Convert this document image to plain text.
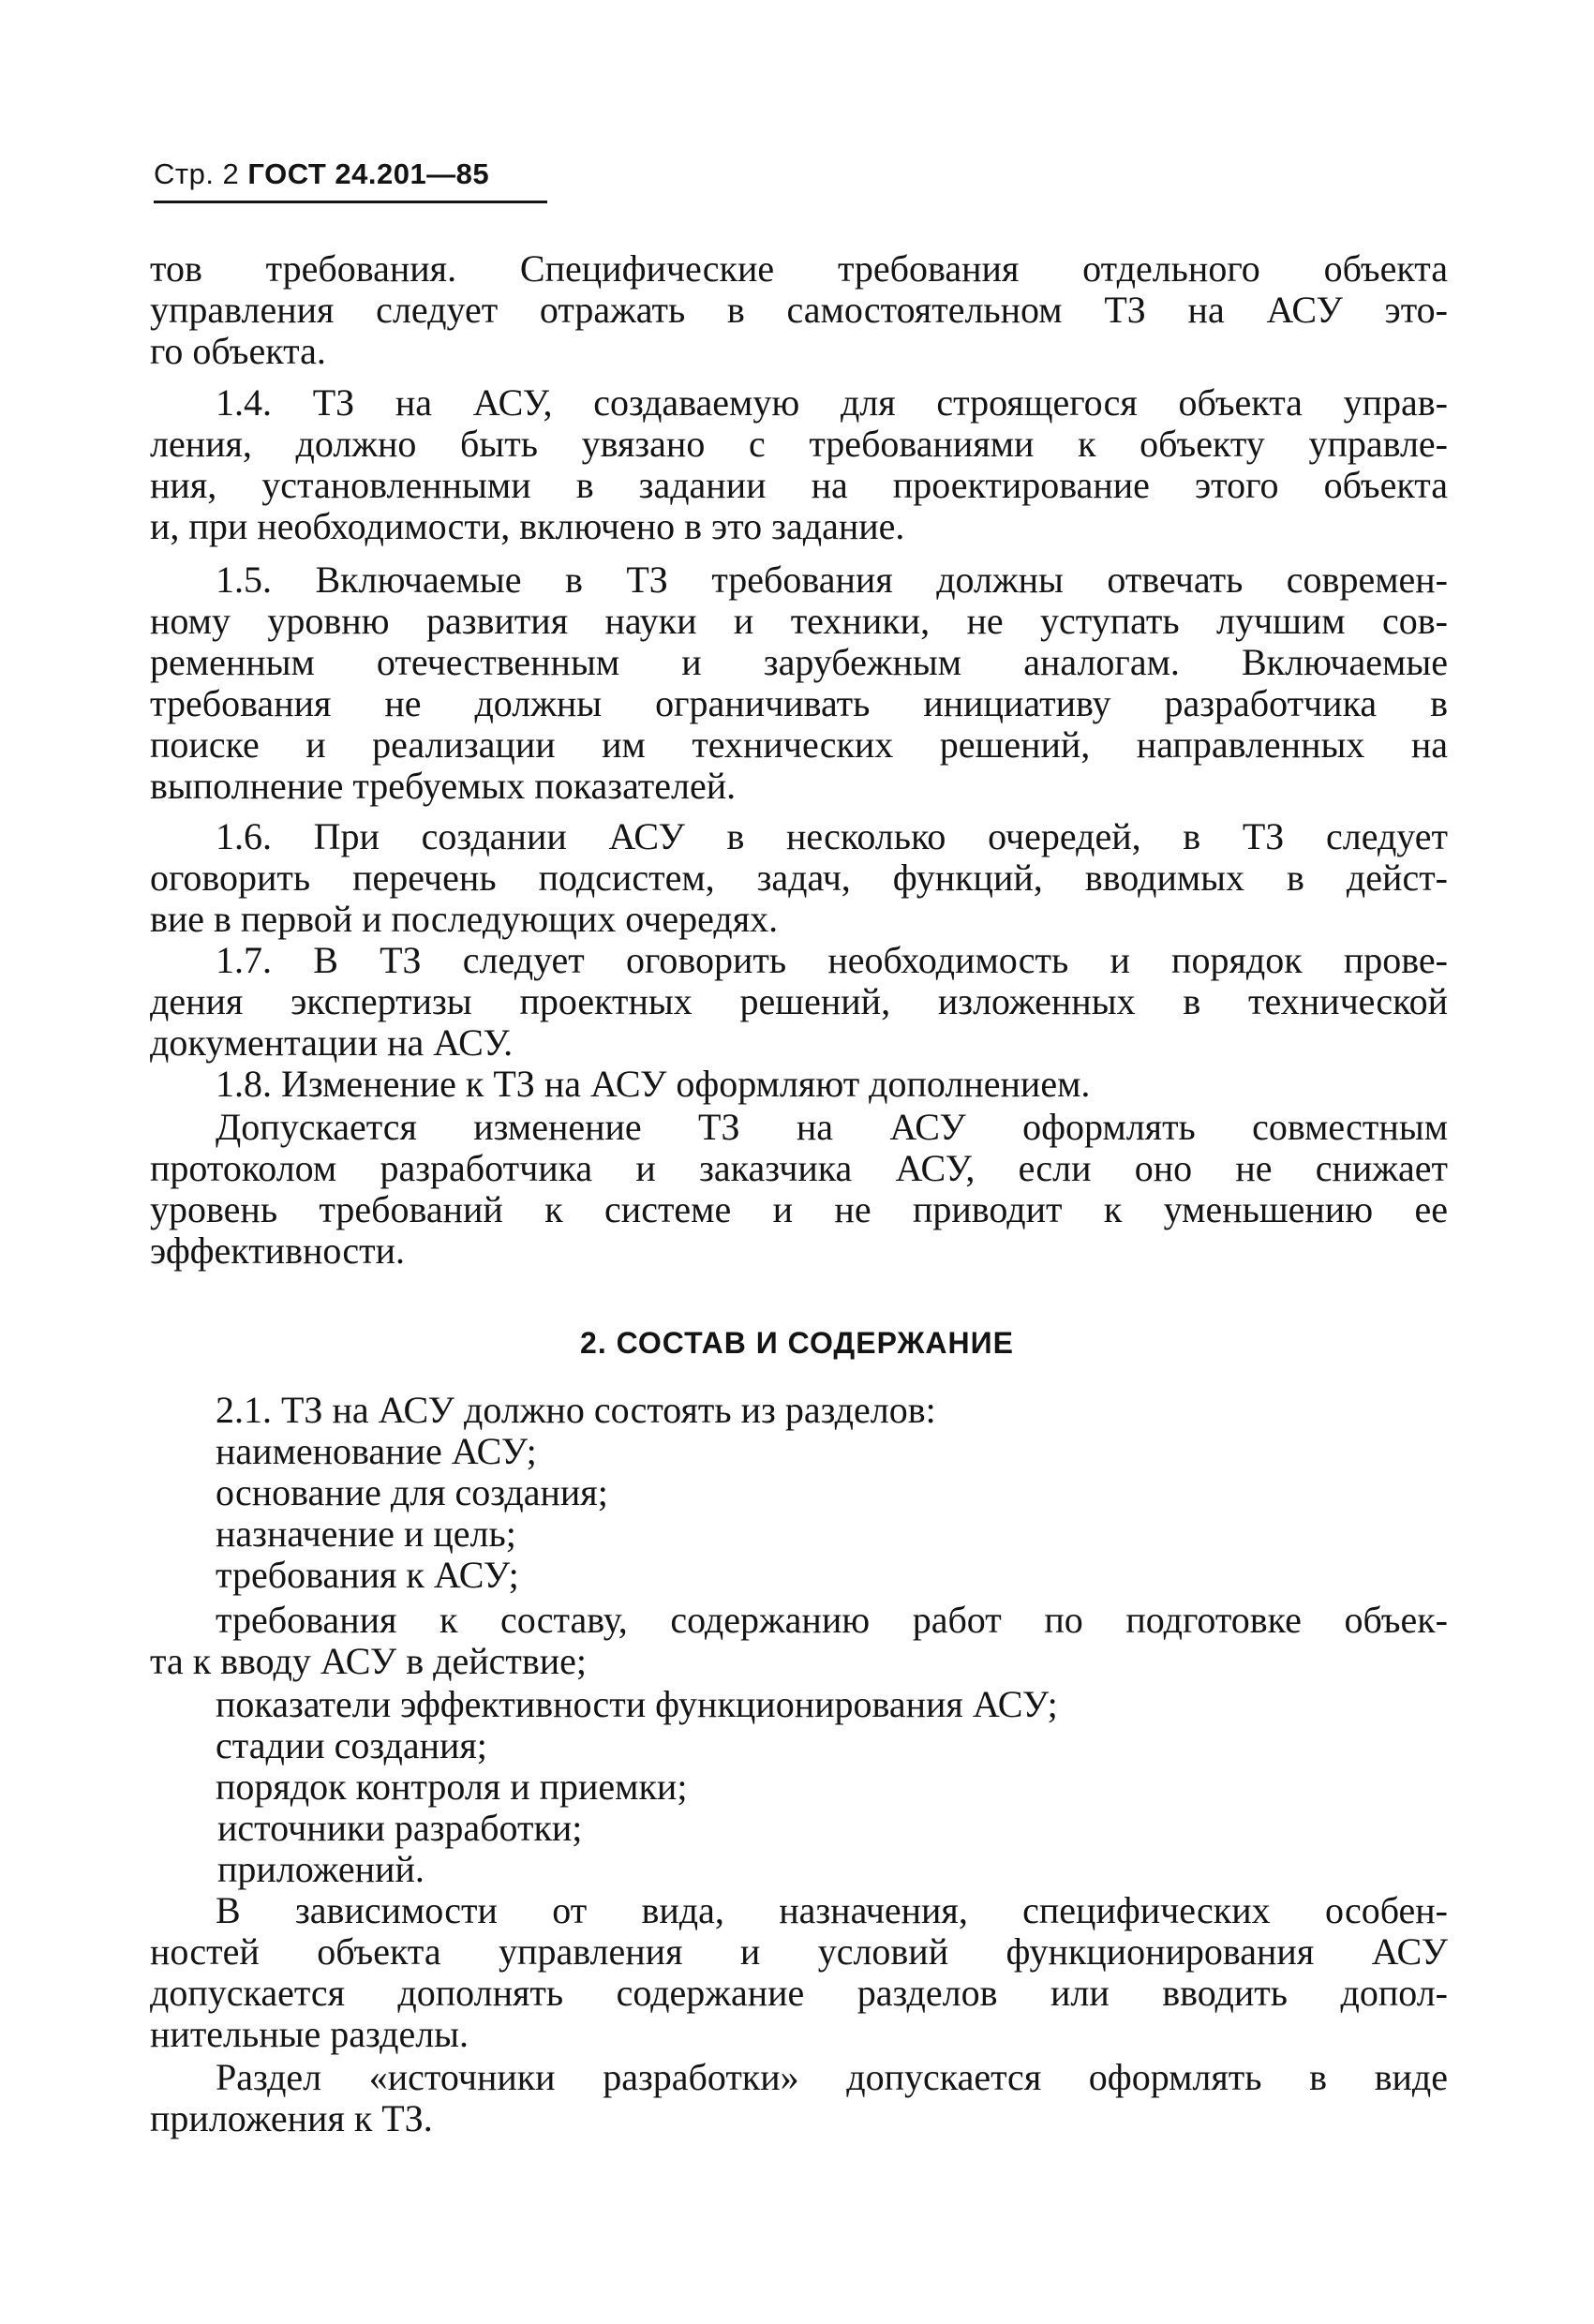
Стр. 2 ГОСТ 24.201—85
тов требования. Специфические требования отдельного объекта
управления следует отражать в самостоятельном ТЗ на АСУ это-
го объекта.
1.4. ТЗ на АСУ, создаваемую для строящегося объекта управ-
ления, должно быть увязано с требованиями к объекту управле-
ния, установленными в задании на проектирование этого объекта
и, при необходимости, включено в это задание.
1.5. Включаемые в ТЗ требования должны отвечать современ-
ному уровню развития науки и техники, не уступать лучшим сов-
ременным отечественным и зарубежным аналогам. Включаемые
требования не должны ограничивать инициативу разработчика в
поиске и реализации им технических решений, направленных на
выполнение требуемых показателей.
1.6. При создании АСУ в несколько очередей, в ТЗ следует
оговорить перечень подсистем, задач, функций, вводимых в дейст-
вие в первой и последующих очередях.
1.7. В ТЗ следует оговорить необходимость и порядок прове-
дения экспертизы проектных решений, изложенных в технической
документации на АСУ.
1.8. Изменение к ТЗ на АСУ оформляют дополнением.
Допускается изменение ТЗ на АСУ оформлять совместным
протоколом разработчика и заказчика АСУ, если оно не снижает
уровень требований к системе и не приводит к уменьшению ее
эффективности.
2. СОСТАВ И СОДЕРЖАНИЕ
2.1. ТЗ на АСУ должно состоять из разделов:
наименование АСУ;
основание для создания;
назначение и цель;
требования к АСУ;
требования к составу, содержанию работ по подготовке объек-
та к вводу АСУ в действие;
показатели эффективности функционирования АСУ;
стадии создания;
порядок контроля и приемки;
источники разработки;
приложений.
В зависимости от вида, назначения, специфических особен-
ностей объекта управления и условий функционирования АСУ
допускается дополнять содержание разделов или вводить допол-
нительные разделы.
Раздел «источники разработки» допускается оформлять в виде
приложения к ТЗ.
